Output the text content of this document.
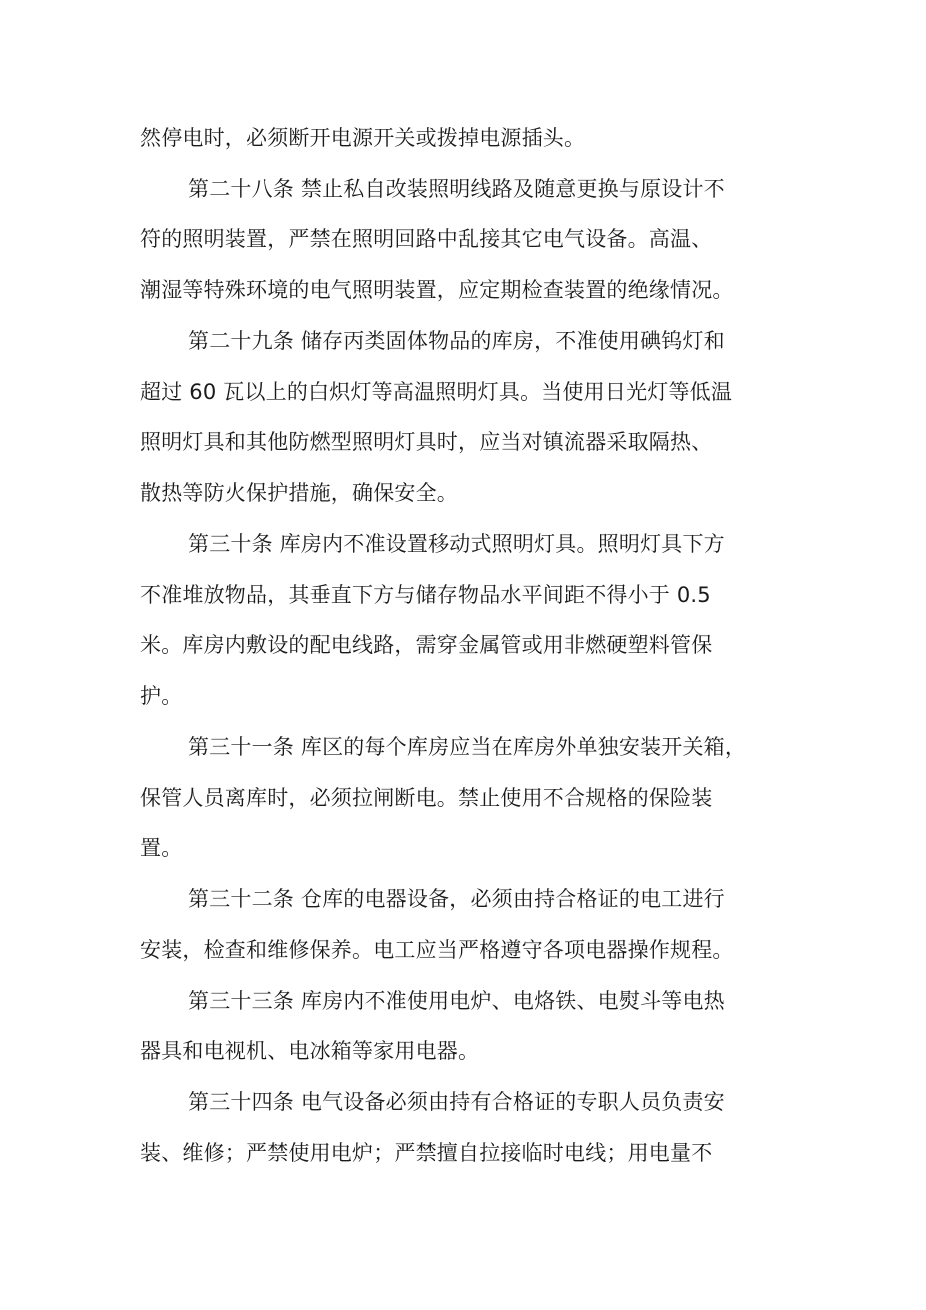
然停电时，必须断开电源开关或拨掉电源插头。
第二十八条 禁止私自改装照明线路及随意更换与原设计不
符的照明装置，严禁在照明回路中乱接其它电气设备。高温、
潮湿等特殊环境的电气照明装置，应定期检查装置的绝缘情况。
第二十九条 储存丙类固体物品的库房，不准使用碘钨灯和
超过 60 瓦以上的白炽灯等高温照明灯具。当使用日光灯等低温
照明灯具和其他防燃型照明灯具时，应当对镇流器采取隔热、
散热等防火保护措施，确保安全。
第三十条 库房内不准设置移动式照明灯具。照明灯具下方
不准堆放物品，其垂直下方与储存物品水平间距不得小于 0.5
米。库房内敷设的配电线路，需穿金属管或用非燃硬塑料管保
护。
第三十一条 库区的每个库房应当在库房外单独安装开关箱，
保管人员离库时，必须拉闸断电。禁止使用不合规格的保险装
置。
第三十二条 仓库的电器设备，必须由持合格证的电工进行
安装，检查和维修保养。电工应当严格遵守各项电器操作规程。
第三十三条 库房内不准使用电炉、电烙铁、电熨斗等电热
器具和电视机、电冰箱等家用电器。
第三十四条 电气设备必须由持有合格证的专职人员负责安
装、维修；严禁使用电炉；严禁擅自拉接临时电线；用电量不
